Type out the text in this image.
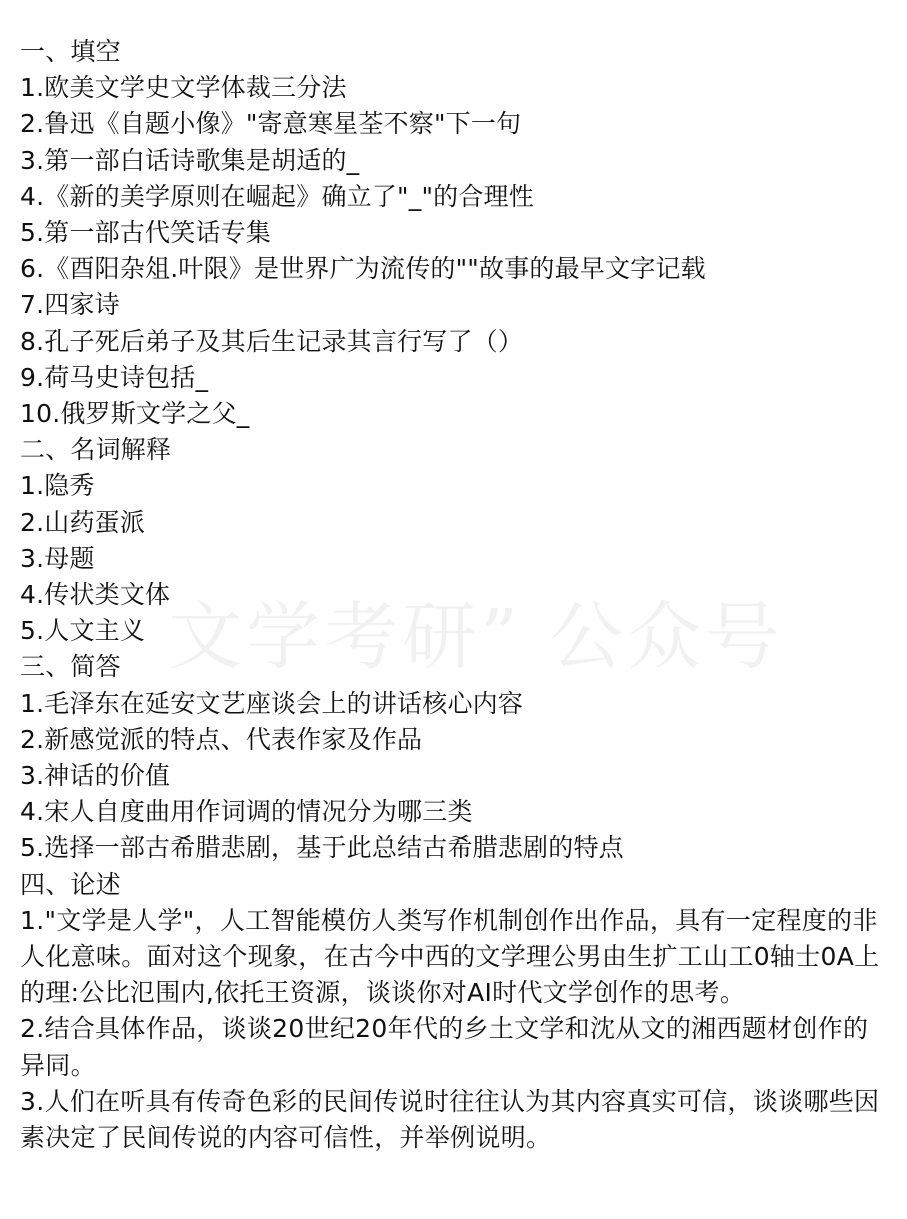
文学考研” 公众号
一、填空
1.欧美文学史文学体裁三分法
2.鲁迅《自题小像》"寄意寒星荃不察"下一句
3.第一部白话诗歌集是胡适的_
4.《新的美学原则在崛起》确立了"_"的合理性
5.第一部古代笑话专集
6.《酉阳杂俎.叶限》是世界广为流传的""故事的最早文字记载
7.四家诗
8.孔子死后弟子及其后生记录其言行写了（）
9.荷马史诗包括_
10.俄罗斯文学之父_
二、名词解释
1.隐秀
2.山药蛋派
3.母题
4.传状类文体
5.人文主义
三、简答
1.毛泽东在延安文艺座谈会上的讲话核心内容
2.新感觉派的特点、代表作家及作品
3.神话的价值
4.宋人自度曲用作词调的情况分为哪三类
5.选择一部古希腊悲剧，基于此总结古希腊悲剧的特点
四、论述
1."文学是人学"，人工智能模仿人类写作机制创作出作品，具有一定程度的非人化意味。面对这个现象，在古今中西的文学理公男由生扩工山工0轴士0A上的理:公比氾围内,依托王资源，谈谈你对AI时代文学创作的思考。
2.结合具体作品，谈谈20世纪20年代的乡土文学和沈从文的湘西题材创作的异同。
3.人们在听具有传奇色彩的民间传说时往往认为其内容真实可信，谈谈哪些因素决定了民间传说的内容可信性，并举例说明。
